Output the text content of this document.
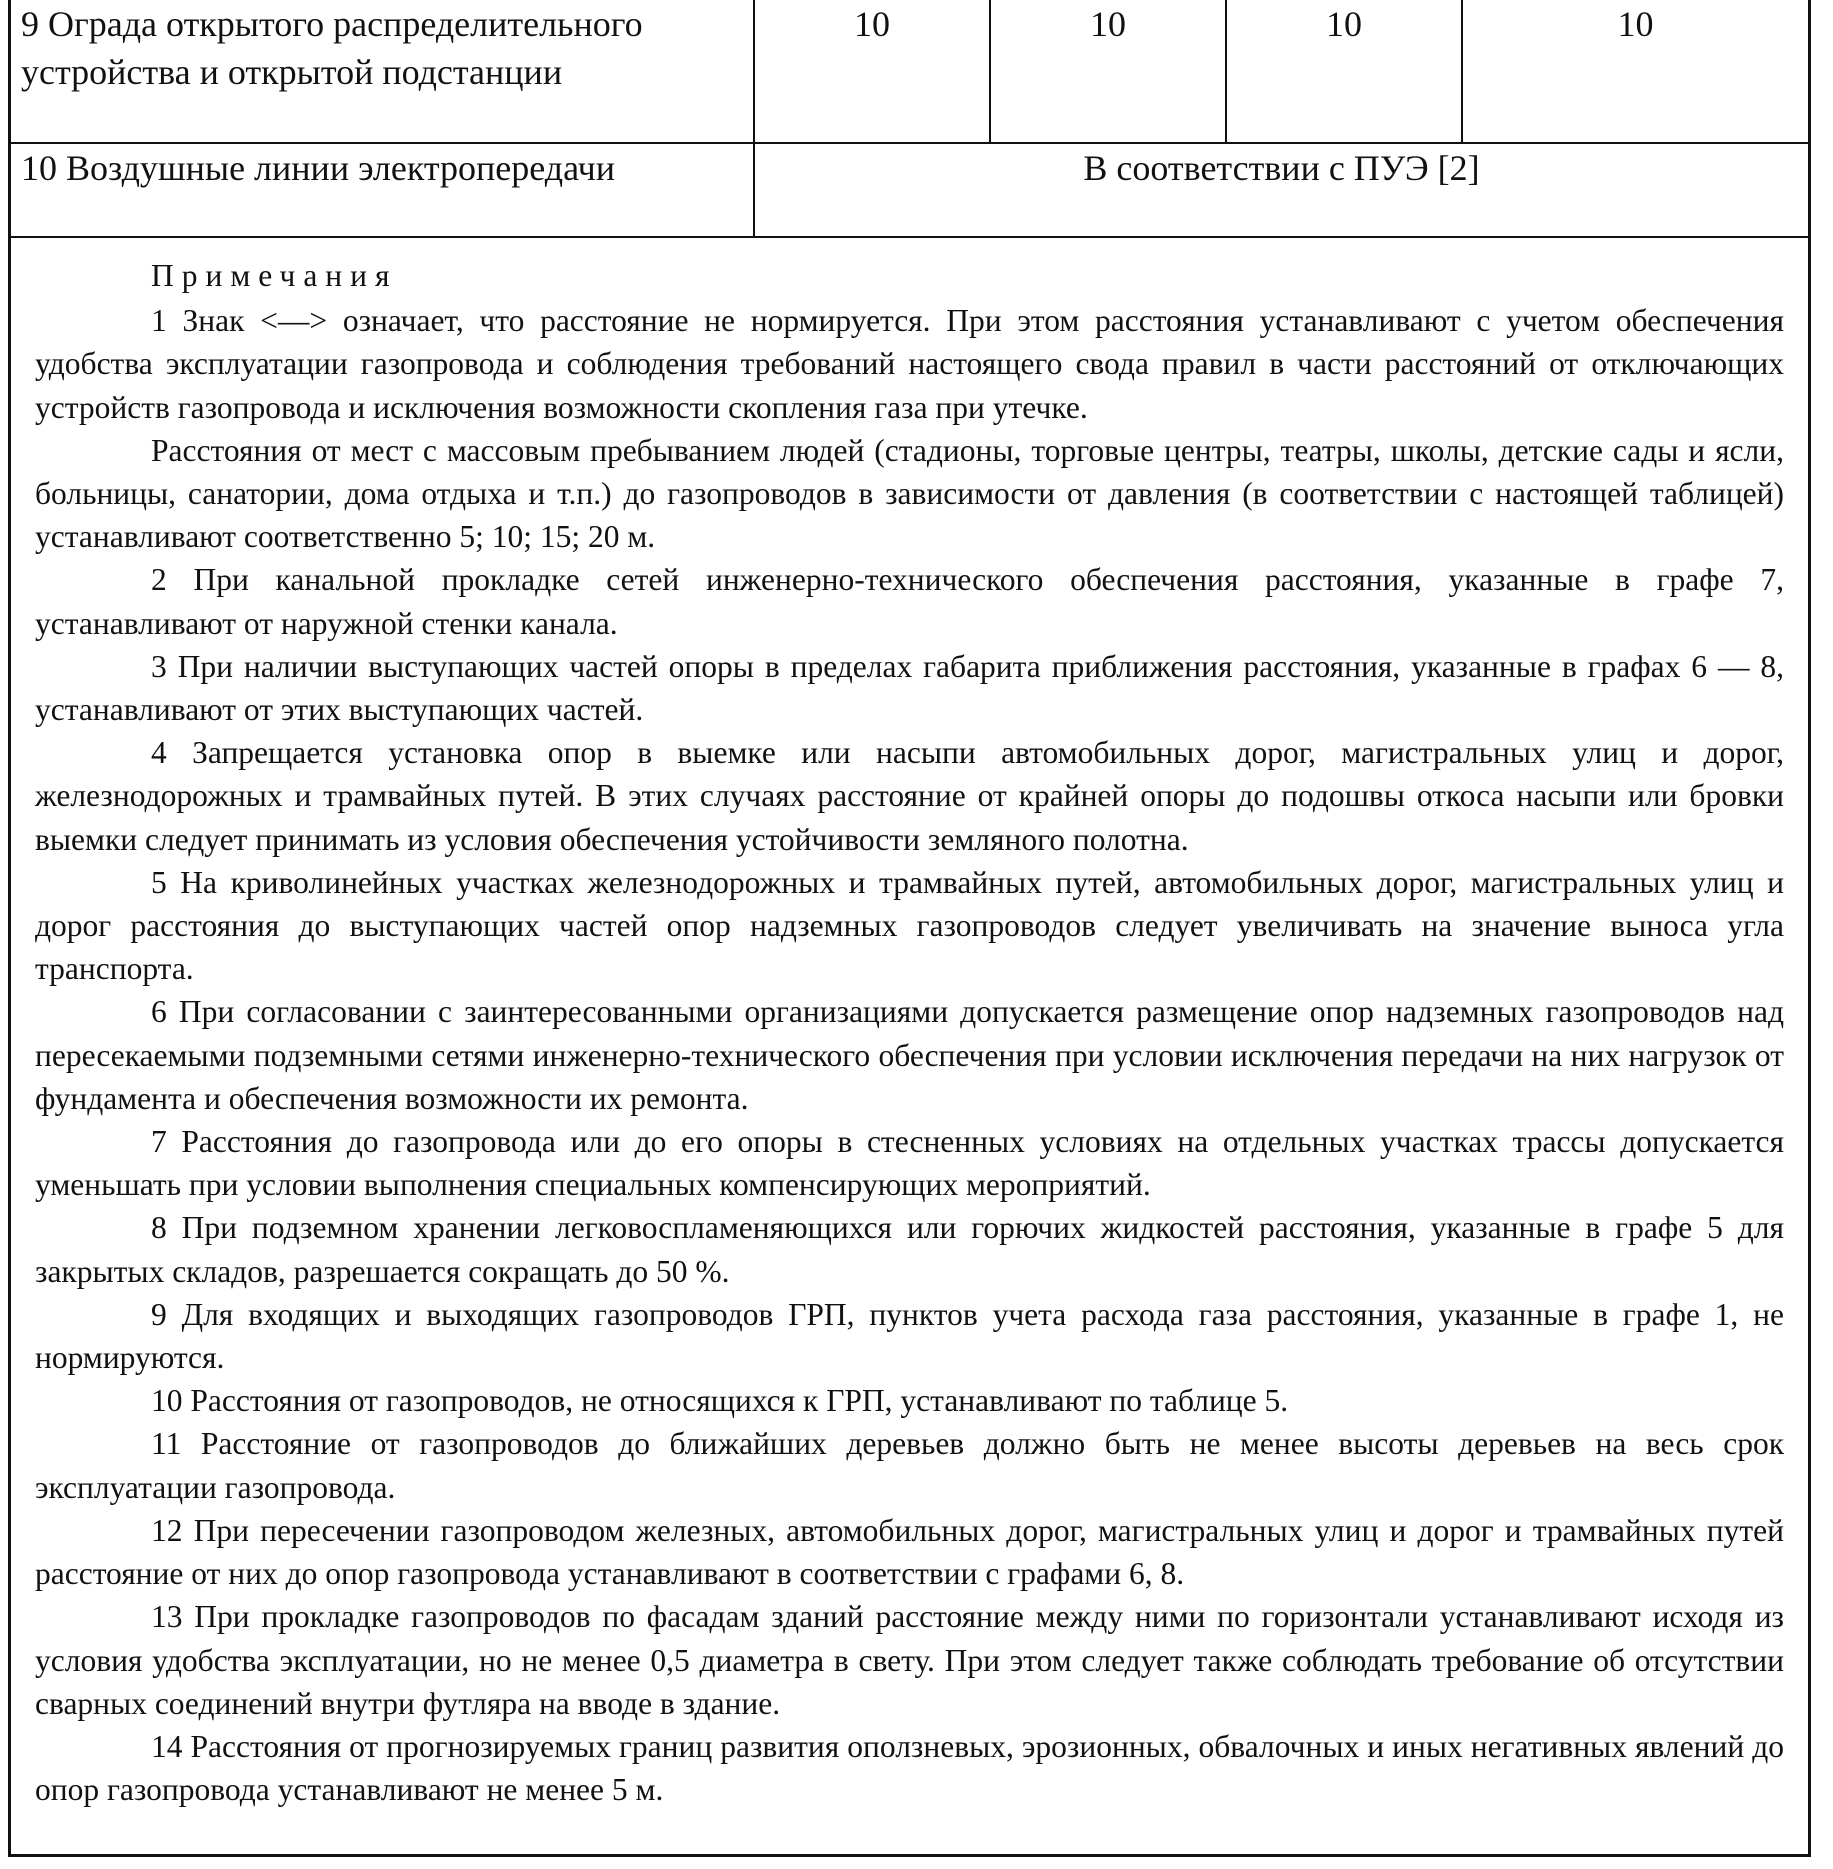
9 Ограда открытого распределительного устройства и открытой подстанции	10	10	10	10
10 Воздушные линии электропередачи	В соответствии с ПУЭ [2]			

Примечания

1 Знак <—> означает, что расстояние не нормируется. При этом расстояния устанавливают с учетом обеспечения удобства эксплуатации газопровода и соблюдения требований настоящего свода правил в части расстояний от отключающих устройств газопровода и исключения возможности скопления газа при утечке.

Расстояния от мест с массовым пребыванием людей (стадионы, торговые центры, театры, школы, детские сады и ясли, больницы, санатории, дома отдыха и т.п.) до газопроводов в зависимости от давления (в соответствии с настоящей таблицей) устанавливают соответственно 5; 10; 15; 20 м.

2 При канальной прокладке сетей инженерно-технического обеспечения расстояния, указанные в графе 7, устанавливают от наружной стенки канала.

3 При наличии выступающих частей опоры в пределах габарита приближения расстояния, указанные в графах 6 — 8, устанавливают от этих выступающих частей.

4 Запрещается установка опор в выемке или насыпи автомобильных дорог, магистральных улиц и дорог, железнодорожных и трамвайных путей. В этих случаях расстояние от крайней опоры до подошвы откоса насыпи или бровки выемки следует принимать из условия обеспечения устойчивости земляного полотна.

5 На криволинейных участках железнодорожных и трамвайных путей, автомобильных дорог, магистральных улиц и дорог расстояния до выступающих частей опор надземных газопроводов следует увеличивать на значение выноса угла транспорта.

6 При согласовании с заинтересованными организациями допускается размещение опор надземных газопроводов над пересекаемыми подземными сетями инженерно-технического обеспечения при условии исключения передачи на них нагрузок от фундамента и обеспечения возможности их ремонта.

7 Расстояния до газопровода или до его опоры в стесненных условиях на отдельных участках трассы допускается уменьшать при условии выполнения специальных компенсирующих мероприятий.

8 При подземном хранении легковоспламеняющихся или горючих жидкостей расстояния, указанные в графе 5 для закрытых складов, разрешается сокращать до 50 %.

9 Для входящих и выходящих газопроводов ГРП, пунктов учета расхода газа расстояния, указанные в графе 1, не нормируются.

10 Расстояния от газопроводов, не относящихся к ГРП, устанавливают по таблице 5.

11 Расстояние от газопроводов до ближайших деревьев должно быть не менее высоты деревьев на весь срок эксплуатации газопровода.

12 При пересечении газопроводом железных, автомобильных дорог, магистральных улиц и дорог и трамвайных путей расстояние от них до опор газопровода устанавливают в соответствии с графами 6, 8.

13 При прокладке газопроводов по фасадам зданий расстояние между ними по горизонтали устанавливают исходя из условия удобства эксплуатации, но не менее 0,5 диаметра в свету. При этом следует также соблюдать требование об отсутствии сварных соединений внутри футляра на вводе в здание.

14 Расстояния от прогнозируемых границ развития оползневых, эрозионных, обвалочных и иных негативных явлений до опор газопровода устанавливают не менее 5 м.
